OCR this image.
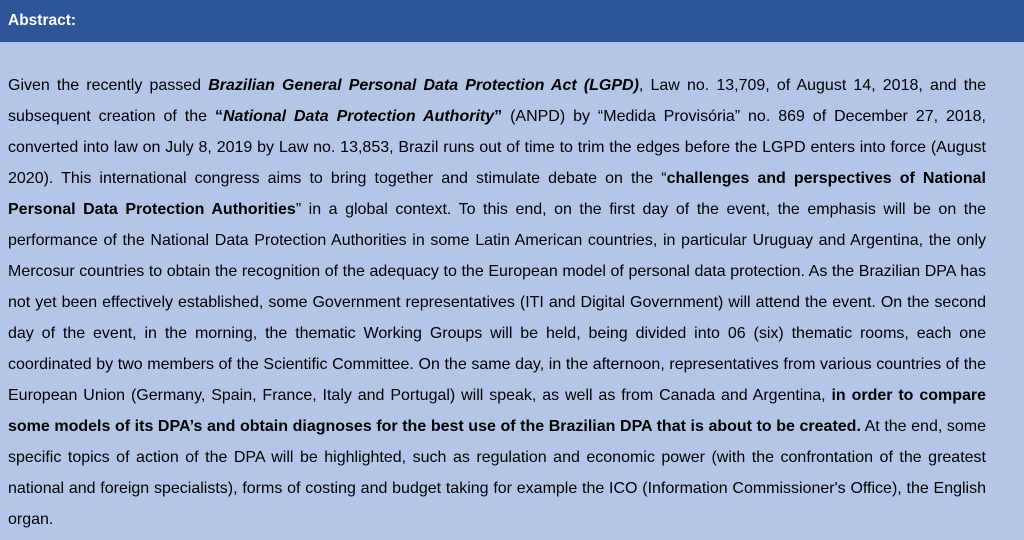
Abstract:

Given the recently passed Brazilian General Personal Data Protection Act (LGPD), Law no. 13,709, of August 14, 2018, and the subsequent creation of the “National Data Protection Authority” (ANPD) by “Medida Provisória” no. 869 of December 27, 2018, converted into law on July 8, 2019 by Law no. 13,853, Brazil runs out of time to trim the edges before the LGPD enters into force (August 2020). This international congress aims to bring together and stimulate debate on the “challenges and perspectives of National Personal Data Protection Authorities” in a global context. To this end, on the first day of the event, the emphasis will be on the performance of the National Data Protection Authorities in some Latin American countries, in particular Uruguay and Argentina, the only Mercosur countries to obtain the recognition of the adequacy to the European model of personal data protection. As the Brazilian DPA has not yet been effectively established, some Government representatives (ITI and Digital Government) will attend the event. On the second day of the event, in the morning, the thematic Working Groups will be held, being divided into 06 (six) thematic rooms, each one coordinated by two members of the Scientific Committee. On the same day, in the afternoon, representatives from various countries of the European Union (Germany, Spain, France, Italy and Portugal) will speak, as well as from Canada and Argentina, in order to compare some models of its DPA’s and obtain diagnoses for the best use of the Brazilian DPA that is about to be created. At the end, some specific topics of action of the DPA will be highlighted, such as regulation and economic power (with the confrontation of the greatest national and foreign specialists), forms of costing and budget taking for example the ICO (Information Commissioner's Office), the English organ.
